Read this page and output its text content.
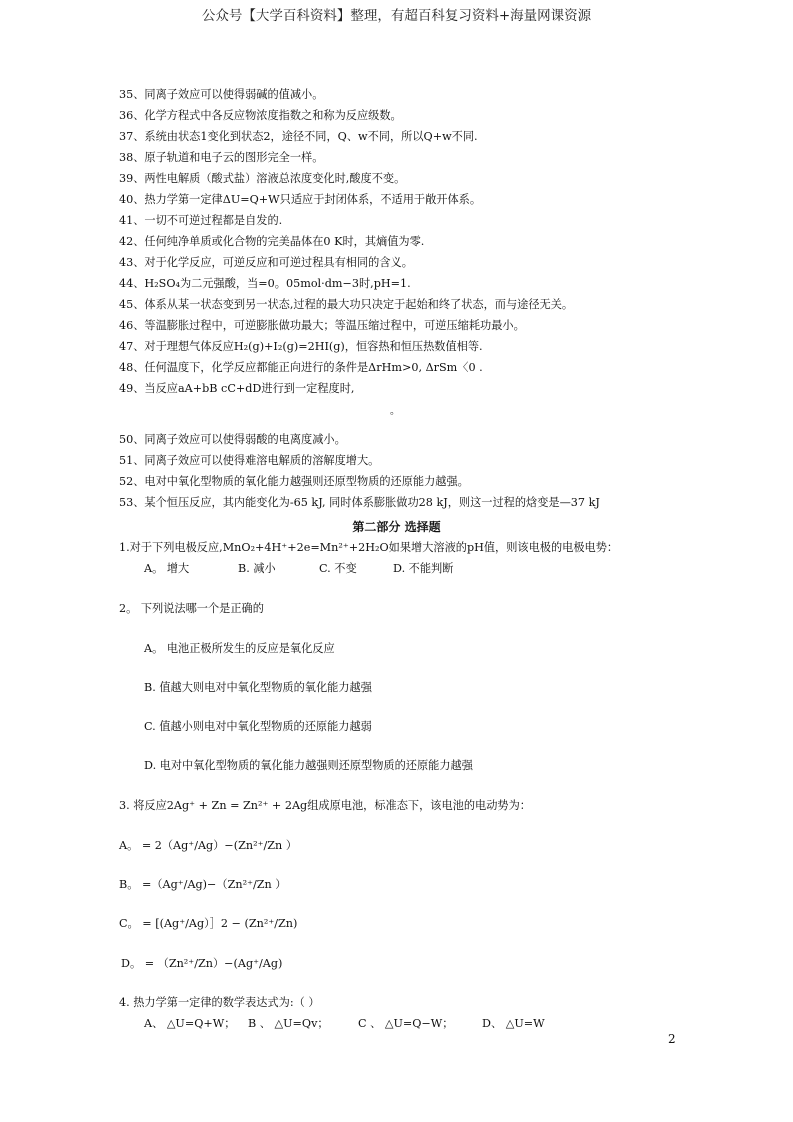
公众号【大学百科资料】整理，有超百科复习资料+海量网课资源
35、同离子效应可以使得弱碱的值减小。
36、化学方程式中各反应物浓度指数之和称为反应级数。
37、系统由状态1变化到状态2，途径不同，Q、w不同，所以Q+w不同.
38、原子轨道和电子云的图形完全一样。
39、两性电解质（酸式盐）溶液总浓度变化时,酸度不变。
40、热力学第一定律ΔU=Q+W只适应于封闭体系，不适用于敞开体系。
41、一切不可逆过程都是自发的.
42、任何纯净单质或化合物的完美晶体在0 K时，其熵值为零.
43、对于化学反应，可逆反应和可逆过程具有相同的含义。
44、H₂SO₄为二元强酸，当=0。05mol·dm−3时,pH=1.
45、体系从某一状态变到另一状态,过程的最大功只决定于起始和终了状态，而与途径无关。
46、等温膨胀过程中，可逆膨胀做功最大；等温压缩过程中，可逆压缩耗功最小。
47、对于理想气体反应H₂(g)+I₂(g)=2HI(g)，恒容热和恒压热数值相等.
48、任何温度下，化学反应都能正向进行的条件是ΔrHm>0, ΔrSm〈0 .
49、当反应aA+bB cC+dD进行到一定程度时,
。
50、同离子效应可以使得弱酸的电离度减小。
51、同离子效应可以使得难溶电解质的溶解度增大。
52、电对中氧化型物质的氧化能力越强则还原型物质的还原能力越强。
53、某个恒压反应，其内能变化为-65 kJ, 同时体系膨胀做功28 kJ，则这一过程的焓变是—37 kJ
第二部分 选择题
1.对于下列电极反应,MnO₂+4H⁺+2e=Mn²⁺+2H₂O如果增大溶液的pH值，则该电极的电极电势：
A。 增大	B. 减小	C. 不变	D. 不能判断
2。 下列说法哪一个是正确的
A。 电池正极所发生的反应是氧化反应
B. 值越大则电对中氧化型物质的氧化能力越强
C. 值越小则电对中氧化型物质的还原能力越弱
D. 电对中氧化型物质的氧化能力越强则还原型物质的还原能力越强
3. 将反应2Ag⁺ + Zn = Zn²⁺ + 2Ag组成原电池，标准态下，该电池的电动势为：
A。 = 2（Ag⁺/Ag）−(Zn²⁺/Zn ）
B。 =（Ag⁺/Ag)−（Zn²⁺/Zn ）
C。 = [(Ag⁺/Ag）］2 − (Zn²⁺/Zn)
D。 = （Zn²⁺/Zn）−(Ag⁺/Ag)
4. 热力学第一定律的数学表达式为:（ ）
A、 △U=Q+W； B 、 △U=Qv；	C 、 △U=Q−W；	D、 △U=W
2
